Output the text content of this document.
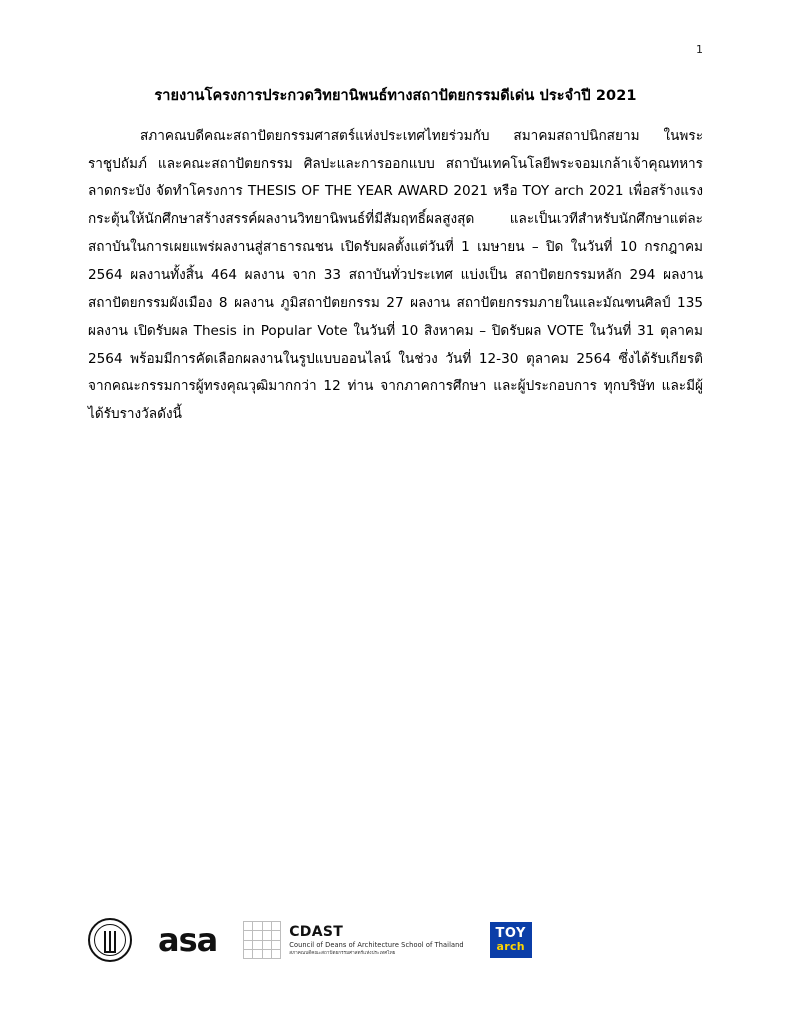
1
รายงานโครงการประกวดวิทยานิพนธ์ทางสถาปัตยกรรมดีเด่น ประจำปี 2021

สภาคณบดีคณะสถาปัตยกรรมศาสตร์แห่งประเทศไทยร่วมกับ สมาคมสถาปนิกสยาม ในพระราชูปถัมภ์ และคณะสถาปัตยกรรม ศิลปะและการออกแบบ สถาบันเทคโนโลยีพระจอมเกล้าเจ้าคุณทหารลาดกระบัง จัดทำโครงการ THESIS OF THE YEAR AWARD 2021 หรือ TOY arch 2021 เพื่อสร้างแรงกระตุ้นให้นักศึกษาสร้างสรรค์ผลงานวิทยานิพนธ์ที่มีสัมฤทธิ์ผลสูงสุด และเป็นเวทีสำหรับนักศึกษาแต่ละสถาบันในการเผยแพร่ผลงานสู่สาธารณชน เปิดรับผลตั้งแต่วันที่ 1 เมษายน – ปิด ในวันที่ 10 กรกฎาคม 2564 ผลงานทั้งสิ้น 464 ผลงาน จาก 33 สถาบันทั่วประเทศ แบ่งเป็น สถาปัตยกรรมหลัก 294 ผลงาน สถาปัตยกรรมผังเมือง 8 ผลงาน ภูมิสถาปัตยกรรม 27 ผลงาน สถาปัตยกรรมภายในและมัณฑนศิลป์ 135 ผลงาน เปิดรับผล Thesis in Popular Vote ในวันที่ 10 สิงหาคม – ปิดรับผล VOTE ในวันที่ 31 ตุลาคม 2564 พร้อมมีการคัดเลือกผลงานในรูปแบบออนไลน์ ในช่วง วันที่ 12-30 ตุลาคม 2564 ซึ่งได้รับเกียรติจากคณะกรรมการผู้ทรงคุณวุฒิมากกว่า 12 ท่าน จากภาคการศึกษา และผู้ประกอบการ ทุกบริษัท และมีผู้ได้รับรางวัลดังนี้

asa	CDAST
Council of Deans of Architecture School of Thailand
สภาคณบดีคณะสถาปัตยกรรมศาสตร์แห่งประเทศไทย
TOY
arch
